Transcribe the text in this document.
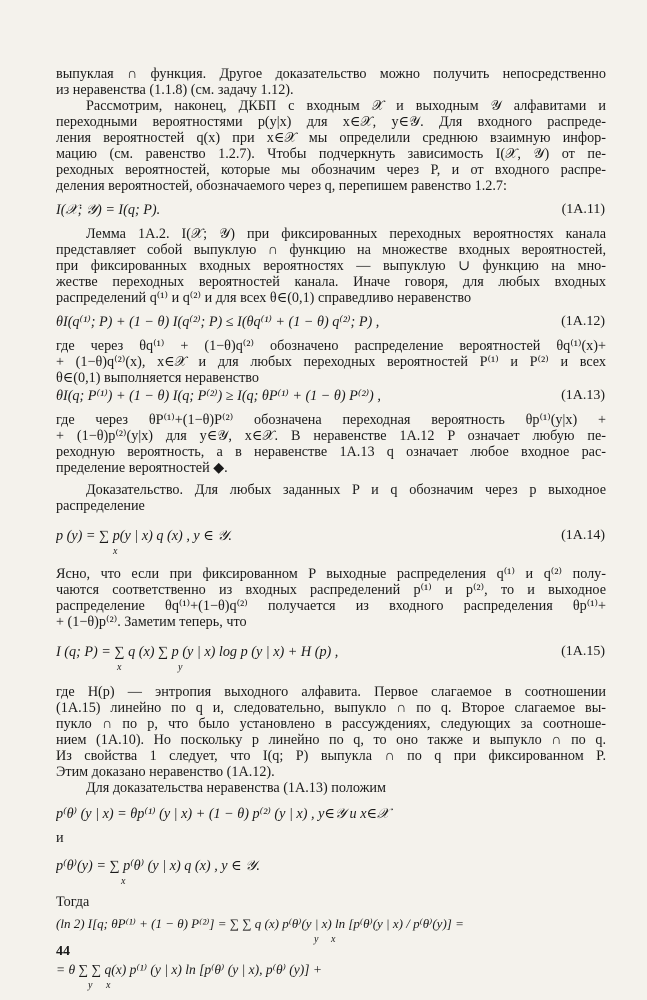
выпуклая ∩ функция. Другое доказательство можно получить непосредственно
из неравенства (1.1.8) (см. задачу 1.12).
Рассмотрим, наконец, ДКБП с входным 𝒳 и выходным 𝒴 алфавитами и
переходными вероятностями p(y|x) для x∈𝒳, y∈𝒴. Для входного распреде-
ления вероятностей q(x) при x∈𝒳 мы определили среднюю взаимную инфор-
мацию (см. равенство 1.2.7). Чтобы подчеркнуть зависимость I(𝒳, 𝒴) от пе-
реходных вероятностей, которые мы обозначим через P, и от входного распре-
деления вероятностей, обозначаемого через q, перепишем равенство 1.2.7:
I(𝒳; 𝒴) = I(q; P).	(1А.11)
Лемма 1А.2. I(𝒳; 𝒴) при фиксированных переходных вероятностях канала
представляет собой выпуклую ∩ функцию на множестве входных вероятностей,
при фиксированных входных вероятностях — выпуклую ∪ функцию на мно-
жестве переходных вероятностей канала. Иначе говоря, для любых входных
распределений q⁽¹⁾ и q⁽²⁾ и для всех θ∈(0,1) справедливо неравенство
θI(q⁽¹⁾; P) + (1 − θ) I(q⁽²⁾; P) ≤ I(θq⁽¹⁾ + (1 − θ) q⁽²⁾; P) ,	(1А.12)
где через θq⁽¹⁾ + (1−θ)q⁽²⁾ обозначено распределение вероятностей θq⁽¹⁾(x)+
+ (1−θ)q⁽²⁾(x), x∈𝒳 и для любых переходных вероятностей P⁽¹⁾ и P⁽²⁾ и всех
θ∈(0,1) выполняется неравенство
θI(q; P⁽¹⁾) + (1 − θ) I(q; P⁽²⁾) ≥ I(q; θP⁽¹⁾ + (1 − θ) P⁽²⁾) ,	(1А.13)
где через θP⁽¹⁾+(1−θ)P⁽²⁾ обозначена переходная вероятность θp⁽¹⁾(y|x) +
+ (1−θ)p⁽²⁾(y|x) для y∈𝒴, x∈𝒳. В неравенстве 1А.12 P означает любую пе-
реходную вероятность, а в неравенстве 1А.13 q означает любое входное рас-
пределение вероятностей ◆.
Доказательство. Для любых заданных P и q обозначим через p выходное
распределение
p (y) = ∑ p(y | x) q (x) , y ∈ 𝒴.
x
(1А.14)
Ясно, что если при фиксированном P выходные распределения q⁽¹⁾ и q⁽²⁾ полу-
чаются соответственно из входных распределений p⁽¹⁾ и p⁽²⁾, то и выходное
распределение θq⁽¹⁾+(1−θ)q⁽²⁾ получается из входного распределения θp⁽¹⁾+
+ (1−θ)p⁽²⁾. Заметим теперь, что
I (q; P) = ∑ q (x) ∑ p (y | x) log p (y | x) + H (p) ,
x	y
(1А.15)
где H(p) — энтропия выходного алфавита. Первое слагаемое в соотношении
(1А.15) линейно по q и, следовательно, выпукло ∩ по q. Второе слагаемое вы-
пукло ∩ по p, что было установлено в рассуждениях, следующих за соотноше-
нием (1А.10). Но поскольку p линейно по q, то оно также и выпукло ∩ по q.
Из свойства 1 следует, что I(q; P) выпукла ∩ по q при фиксированном P.
Этим доказано неравенство (1А.12).
Для доказательства неравенства (1А.13) положим
p⁽θ⁾ (y | x) = θp⁽¹⁾ (y | x) + (1 − θ) p⁽²⁾ (y | x) , y∈𝒴 и x∈𝒳
и
p⁽θ⁾(y) = ∑ p⁽θ⁾ (y | x) q (x) , y ∈ 𝒴.
x
Тогда
(ln 2) I[q; θP⁽¹⁾ + (1 − θ) P⁽²⁾] = ∑ ∑ q (x) p⁽θ⁾(y | x) ln [p⁽θ⁾(y | x) / p⁽θ⁾(y)] =
y x
= θ ∑ ∑ q(x) p⁽¹⁾ (y | x) ln [p⁽θ⁾ (y | x), p⁽θ⁾ (y)] +
y x
44
